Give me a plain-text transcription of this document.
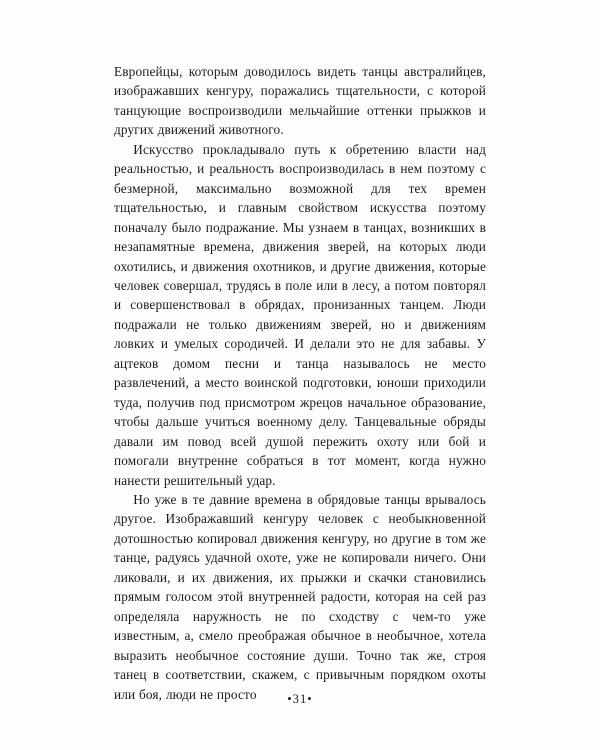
Европейцы, которым доводилось видеть танцы австралийцев, изображавших кенгуру, поражались тщательности, с которой танцующие воспроизводили мельчайшие оттенки прыжков и других движений животного.

Искусство прокладывало путь к обретению власти над реальностью, и реальность воспроизводилась в нем поэтому с безмерной, максимально возможной для тех времен тщательностью, и главным свойством искусства поэтому поначалу было подражание. Мы узнаем в танцах, возникших в незапамятные времена, движения зверей, на которых люди охотились, и движения охотников, и другие движения, которые человек совершал, трудясь в поле или в лесу, а потом повторял и совершенствовал в обрядах, пронизанных танцем. Люди подражали не только движениям зверей, но и движениям ловких и умелых сородичей. И делали это не для забавы. У ацтеков домом песни и танца называлось не место развлечений, а место воинской подготовки, юноши приходили туда, получив под присмотром жрецов начальное образование, чтобы дальше учиться военному делу. Танцевальные обряды давали им повод всей душой пережить охоту или бой и помогали внутренне собраться в тот момент, когда нужно нанести решительный удар.

Но уже в те давние времена в обрядовые танцы врывалось другое. Изображавший кенгуру человек с необыкновенной дотошностью копировал движения кенгуру, но другие в том же танце, радуясь удачной охоте, уже не копировали ничего. Они ликовали, и их движения, их прыжки и скачки становились прямым голосом этой внутренней радости, которая на сей раз определяла наружность не по сходству с чем-то уже известным, а, смело преображая обычное в необычное, хотела выразить необычное состояние души. Точно так же, строя танец в соответствии, скажем, с привычным порядком охоты или боя, люди не просто	•31•
